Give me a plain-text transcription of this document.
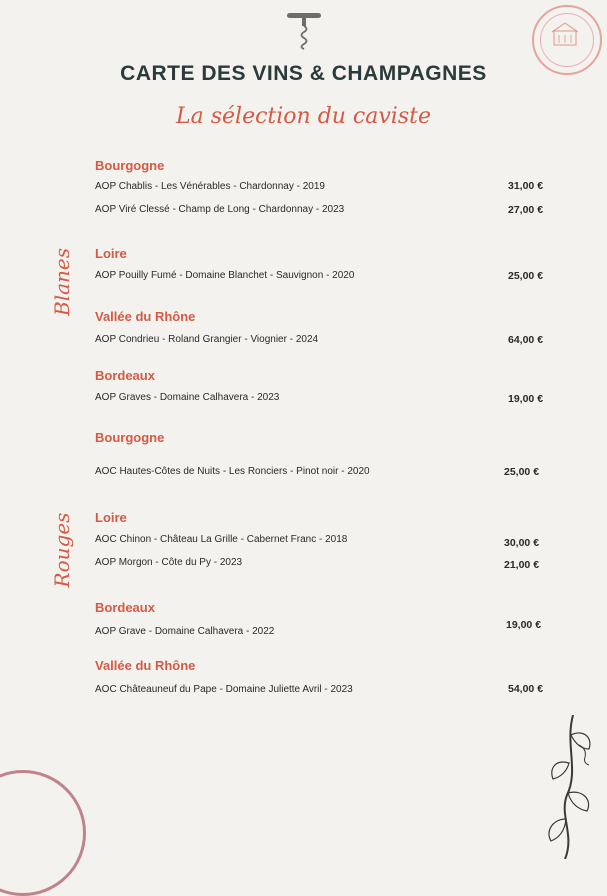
CARTE DES VINS & CHAMPAGNES
La sélection du caviste
Blanes
Rouges
Bourgogne
AOP Chablis - Les Vénérables - Chardonnay - 2019	31,00 €
AOP Viré Clessé - Champ de Long - Chardonnay - 2023	27,00 €
Loire
AOP Pouilly Fumé - Domaine Blanchet - Sauvignon - 2020	25,00 €
Vallée du Rhône
AOP Condrieu - Roland Grangier - Viognier - 2024	64,00 €
Bordeaux
AOP Graves - Domaine Calhavera - 2023	19,00 €
Bourgogne
AOC Hautes-Côtes de Nuits - Les Ronciers - Pinot noir - 2020	25,00 €
Loire
AOC Chinon - Château La Grille - Cabernet Franc - 2018	30,00 €
AOP Morgon - Côte du Py - 2023	21,00 €
Bordeaux
AOP Grave - Domaine Calhavera - 2022
19,00 €
Vallée du Rhône
AOC Châteauneuf du Pape - Domaine Juliette Avril - 2023	54,00 €
